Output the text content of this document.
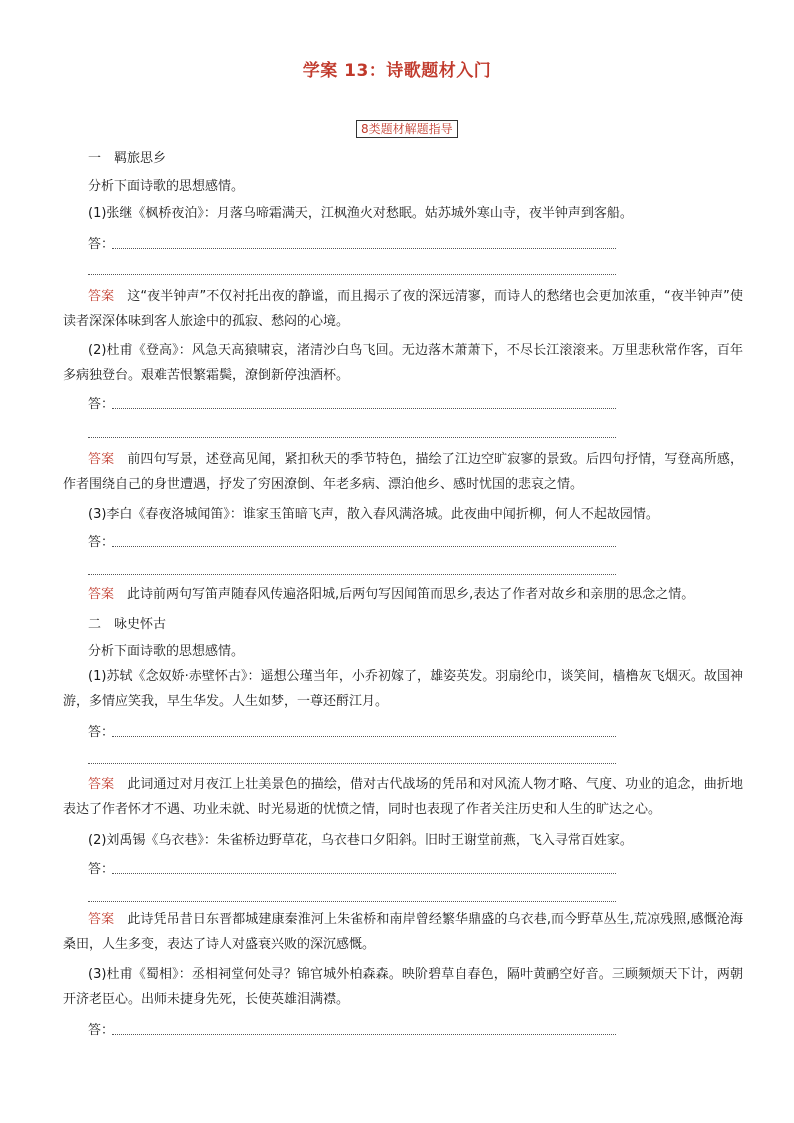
学案 13：诗歌题材入门
8类题材解题指导
一　羁旅思乡
分析下面诗歌的思想感情。
(1)张继《枫桥夜泊》：月落乌啼霜满天，江枫渔火对愁眠。姑苏城外寒山寺，夜半钟声到客船。
答：
答案　 这“夜半钟声”不仅衬托出夜的静谧，而且揭示了夜的深远清寥，而诗人的愁绪也会更加浓重，“夜半钟声”使读者深深体味到客人旅途中的孤寂、愁闷的心境。
(2)杜甫《登高》：风急天高猿啸哀，渚清沙白鸟飞回。无边落木萧萧下，不尽长江滚滚来。万里悲秋常作客，百年多病独登台。艰难苦恨繁霜鬓，潦倒新停浊酒杯。
答：
答案　 前四句写景，述登高见闻，紧扣秋天的季节特色，描绘了江边空旷寂寥的景致。后四句抒情，写登高所感，作者围绕自己的身世遭遇，抒发了穷困潦倒、年老多病、漂泊他乡、感时忧国的悲哀之情。
(3)李白《春夜洛城闻笛》：谁家玉笛暗飞声，散入春风满洛城。此夜曲中闻折柳，何人不起故园情。
答：
答案　 此诗前两句写笛声随春风传遍洛阳城,后两句写因闻笛而思乡,表达了作者对故乡和亲朋的思念之情。
二　咏史怀古
分析下面诗歌的思想感情。
(1)苏轼《念奴娇·赤壁怀古》：遥想公瑾当年，小乔初嫁了，雄姿英发。羽扇纶巾，谈笑间，樯橹灰飞烟灭。故国神游，多情应笑我，早生华发。人生如梦，一尊还酹江月。
答：
答案　 此词通过对月夜江上壮美景色的描绘，借对古代战场的凭吊和对风流人物才略、气度、功业的追念，曲折地表达了作者怀才不遇、功业未就、时光易逝的忧愤之情，同时也表现了作者关注历史和人生的旷达之心。
(2)刘禹锡《乌衣巷》：朱雀桥边野草花，乌衣巷口夕阳斜。旧时王谢堂前燕，飞入寻常百姓家。
答：
答案　 此诗凭吊昔日东晋都城建康秦淮河上朱雀桥和南岸曾经繁华鼎盛的乌衣巷,而今野草丛生,荒凉残照,感慨沧海桑田，人生多变，表达了诗人对盛衰兴败的深沉感慨。
(3)杜甫《蜀相》：丞相祠堂何处寻？锦官城外柏森森。映阶碧草自春色，隔叶黄鹂空好音。三顾频烦天下计，两朝开济老臣心。出师未捷身先死，长使英雄泪满襟。
答：
